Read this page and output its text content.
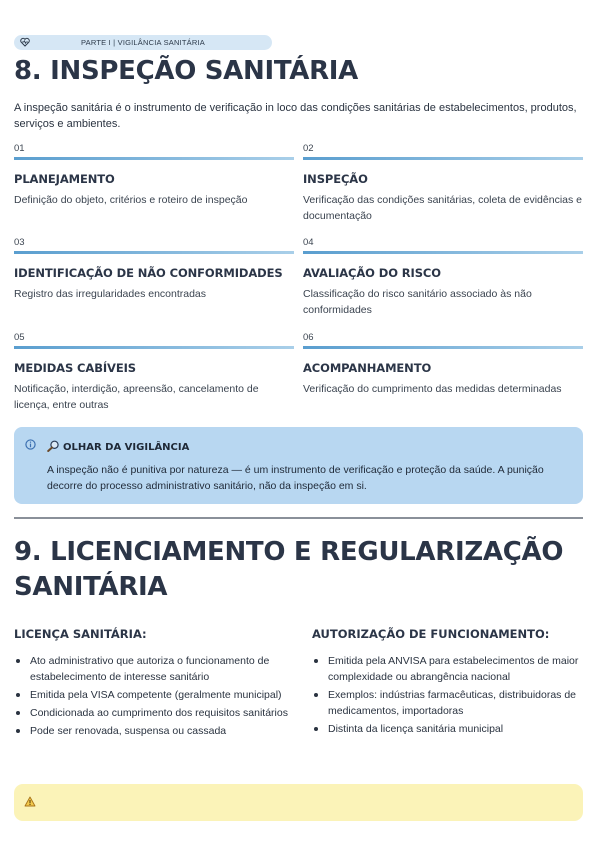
PARTE I | VIGILÂNCIA SANITÁRIA
8. INSPEÇÃO SANITÁRIA
A inspeção sanitária é o instrumento de verificação in loco das condições sanitárias de estabelecimentos, produtos, serviços e ambientes.
01
PLANEJAMENTO
Definição do objeto, critérios e roteiro de inspeção
02
INSPEÇÃO
Verificação das condições sanitárias, coleta de evidências e documentação
03
IDENTIFICAÇÃO DE NÃO CONFORMIDADES
Registro das irregularidades encontradas
04
AVALIAÇÃO DO RISCO
Classificação do risco sanitário associado às não conformidades
05
MEDIDAS CABÍVEIS
Notificação, interdição, apreensão, cancelamento de licença, entre outras
06
ACOMPANHAMENTO
Verificação do cumprimento das medidas determinadas
OLHAR DA VIGILÂNCIA
A inspeção não é punitiva por natureza — é um instrumento de verificação e proteção da saúde. A punição decorre do processo administrativo sanitário, não da inspeção em si.
9. LICENCIAMENTO E REGULARIZAÇÃO
SANITÁRIA
LICENÇA SANITÁRIA:
Ato administrativo que autoriza o funcionamento de estabelecimento de interesse sanitário
Emitida pela VISA competente (geralmente municipal)
Condicionada ao cumprimento dos requisitos sanitários
Pode ser renovada, suspensa ou cassada
AUTORIZAÇÃO DE FUNCIONAMENTO:
Emitida pela ANVISA para estabelecimentos de maior complexidade ou abrangência nacional
Exemplos: indústrias farmacêuticas, distribuidoras de medicamentos, importadoras
Distinta da licença sanitária municipal
